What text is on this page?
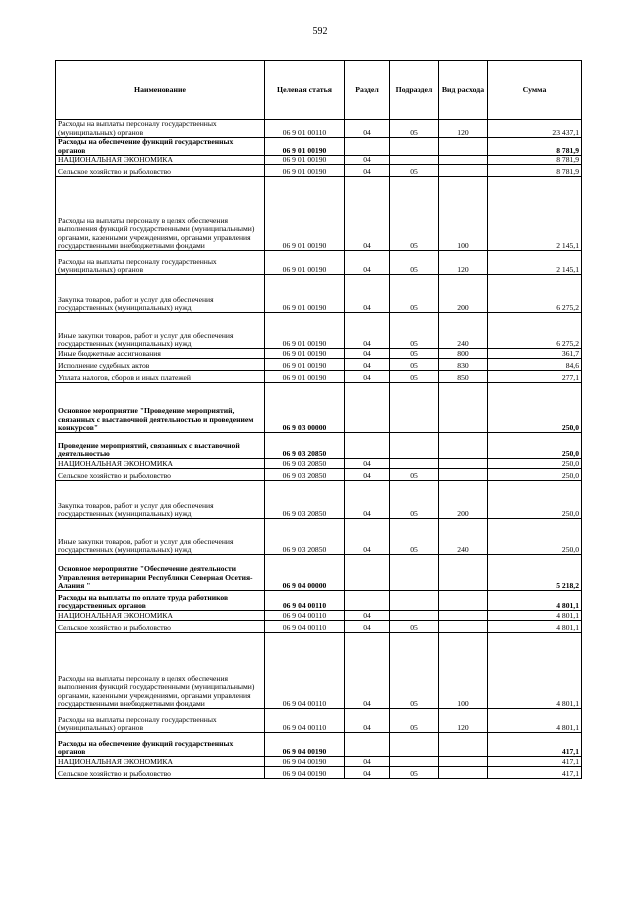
592
Наименование	Целевая статья	Раздел	Подраздел	Вид расхода	Сумма
Расходы на выплаты персоналу государственных (муниципальных) органов	06 9 01 00110	04	05	120	23 437,1
Расходы на обеспечение функций государственных органов	06 9 01 00190				8 781,9
НАЦИОНАЛЬНАЯ ЭКОНОМИКА	06 9 01 00190	04			8 781,9
Сельское хозяйство и рыболовство	06 9 01 00190	04	05		8 781,9
Расходы на выплаты персоналу в целях обеспечения выполнения функций государственными (муниципальными) органами, казенными учреждениями, органами управления государственными внебюджетными фондами	06 9 01 00190	04	05	100	2 145,1
Расходы на выплаты персоналу государственных (муниципальных) органов	06 9 01 00190	04	05	120	2 145,1
Закупка товаров, работ и услуг для обеспечения государственных (муниципальных) нужд	06 9 01 00190	04	05	200	6 275,2
Иные закупки товаров, работ и услуг для обеспечения государственных (муниципальных) нужд	06 9 01 00190	04	05	240	6 275,2
Иные бюджетные ассигнования	06 9 01 00190	04	05	800	361,7
Исполнение судебных актов	06 9 01 00190	04	05	830	84,6
Уплата налогов, сборов и иных платежей	06 9 01 00190	04	05	850	277,1
Основное мероприятие "Проведение мероприятий, связанных с выставочной деятельностью и проведением конкурсов"	06 9 03 00000				250,0
Проведение мероприятий, связанных с выставочной деятельностью	06 9 03 20850				250,0
НАЦИОНАЛЬНАЯ ЭКОНОМИКА	06 9 03 20850	04			250,0
Сельское хозяйство и рыболовство	06 9 03 20850	04	05		250,0
Закупка товаров, работ и услуг для обеспечения государственных (муниципальных) нужд	06 9 03 20850	04	05	200	250,0
Иные закупки товаров, работ и услуг для обеспечения государственных (муниципальных) нужд	06 9 03 20850	04	05	240	250,0
Основное мероприятие "Обеспечение деятельности Управления ветеринарии Республики Северная Осетия-Алания "	06 9 04 00000				5 218,2
Расходы на выплаты по оплате труда работников государственных органов	06 9 04 00110				4 801,1
НАЦИОНАЛЬНАЯ ЭКОНОМИКА	06 9 04 00110	04			4 801,1
Сельское хозяйство и рыболовство	06 9 04 00110	04	05		4 801,1
Расходы на выплаты персоналу в целях обеспечения выполнения функций государственными (муниципальными) органами, казенными учреждениями, органами управления государственными внебюджетными фондами	06 9 04 00110	04	05	100	4 801,1
Расходы на выплаты персоналу государственных (муниципальных) органов	06 9 04 00110	04	05	120	4 801,1
Расходы на обеспечение функций государственных органов	06 9 04 00190				417,1
НАЦИОНАЛЬНАЯ ЭКОНОМИКА	06 9 04 00190	04			417,1
Сельское хозяйство и рыболовство	06 9 04 00190	04	05		417,1
